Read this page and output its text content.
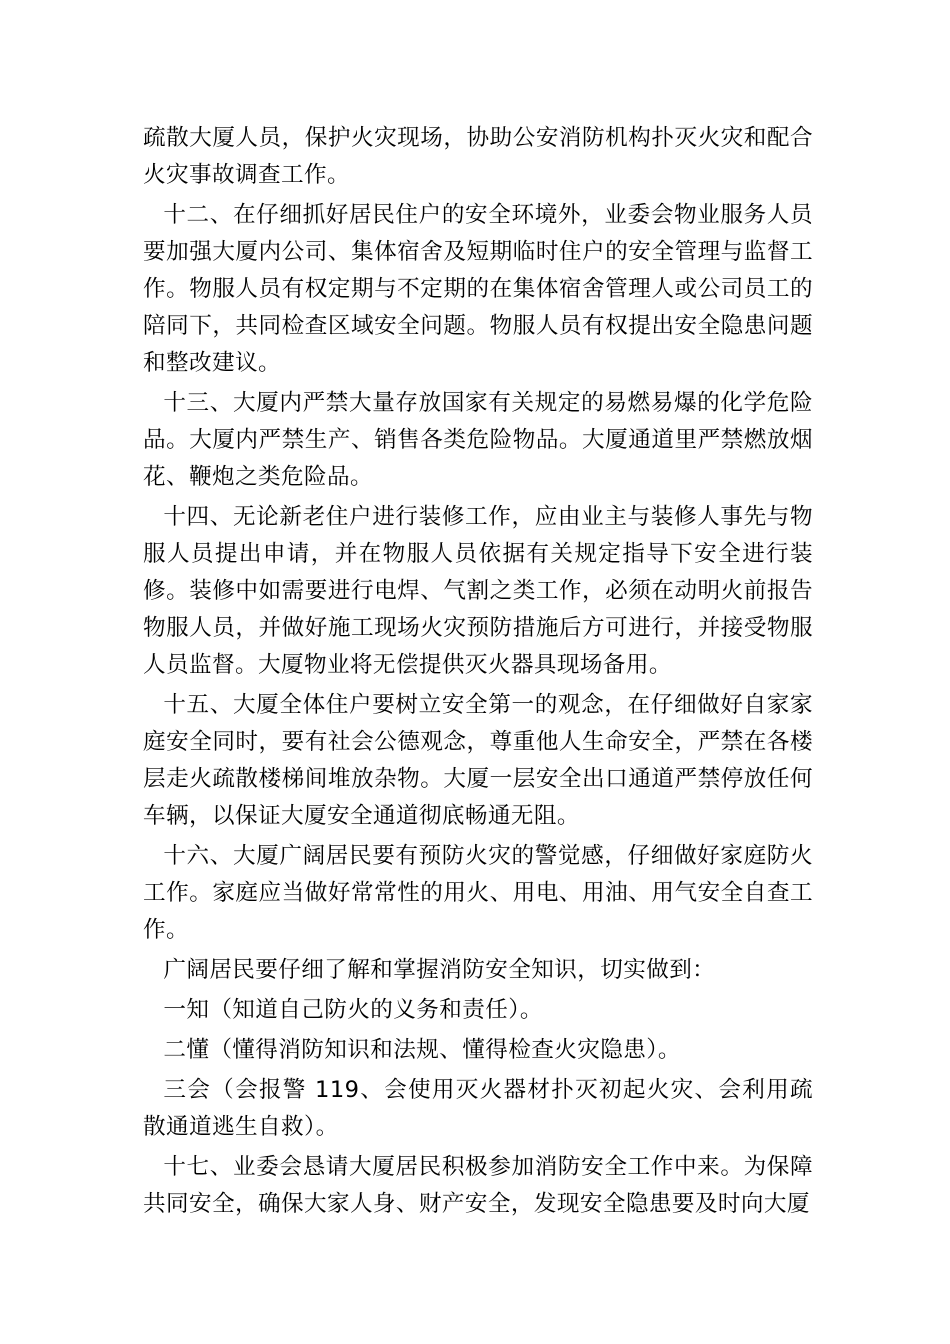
疏散大厦人员，保护火灾现场，协助公安消防机构扑灭火灾和配合火灾事故调查工作。

十二、在仔细抓好居民住户的安全环境外，业委会物业服务人员要加强大厦内公司、集体宿舍及短期临时住户的安全管理与监督工作。物服人员有权定期与不定期的在集体宿舍管理人或公司员工的陪同下，共同检查区域安全问题。物服人员有权提出安全隐患问题和整改建议。

十三、大厦内严禁大量存放国家有关规定的易燃易爆的化学危险品。大厦内严禁生产、销售各类危险物品。大厦通道里严禁燃放烟花、鞭炮之类危险品。

十四、无论新老住户进行装修工作，应由业主与装修人事先与物服人员提出申请，并在物服人员依据有关规定指导下安全进行装修。装修中如需要进行电焊、气割之类工作，必须在动明火前报告物服人员，并做好施工现场火灾预防措施后方可进行，并接受物服人员监督。大厦物业将无偿提供灭火器具现场备用。

十五、大厦全体住户要树立安全第一的观念，在仔细做好自家家庭安全同时，要有社会公德观念，尊重他人生命安全，严禁在各楼层走火疏散楼梯间堆放杂物。大厦一层安全出口通道严禁停放任何车辆，以保证大厦安全通道彻底畅通无阻。

十六、大厦广阔居民要有预防火灾的警觉感，仔细做好家庭防火工作。家庭应当做好常常性的用火、用电、用油、用气安全自查工作。

广阔居民要仔细了解和掌握消防安全知识，切实做到：

一知（知道自己防火的义务和责任）。

二懂（懂得消防知识和法规、懂得检查火灾隐患）。

三会（会报警 119、会使用灭火器材扑灭初起火灾、会利用疏散通道逃生自救）。

十七、业委会恳请大厦居民积极参加消防安全工作中来。为保障共同安全，确保大家人身、财产安全，发现安全隐患要及时向大厦
